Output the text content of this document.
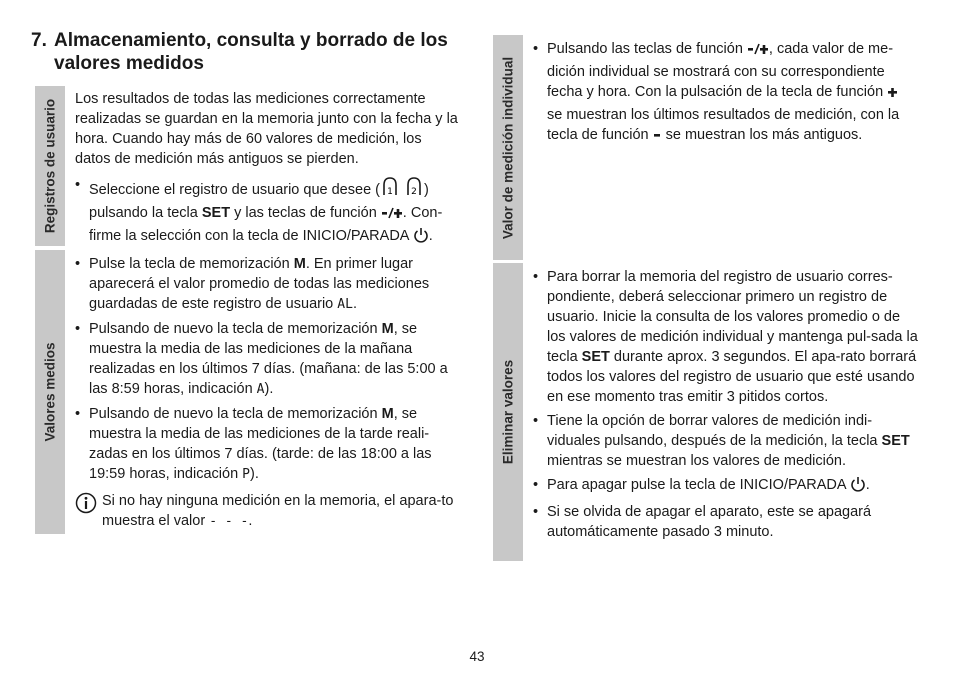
7. Almacenamiento, consulta y borrado de los
valores medidos
Registros de usuario
Valores medios
Valor de medición individual
Eliminar valores
Los resultados de todas las mediciones correctamente realizadas se guardan en la memoria junto con la fecha y la hora. Cuando hay más de 60 valores de medición, los datos de medición más antiguos se pierden.
• Seleccione el registro de usuario que desee ( 1
2 )
pulsando la tecla SET y las teclas de función . Con-
firme la selección con la tecla de INICIO/PARADA .
• Pulse la tecla de memorización M. En primer lugar aparecerá el valor promedio de todas las mediciones guardadas de este registro de usuario AL.
• Pulsando de nuevo la tecla de memorización M, se muestra la media de las mediciones de la mañana realizadas en los últimos 7 días. (mañana: de las 5:00 a las 8:59 horas, indicación A).
• Pulsando de nuevo la tecla de memorización M, se muestra la media de las mediciones de la tarde reali-zadas en los últimos 7 días. (tarde: de las 18:00 a las 19:59 horas, indicación P).
Si no hay ninguna medición en la memoria, el apara-to muestra el valor - - -.
• Pulsando las teclas de función , cada valor de me-dición individual se mostrará con su correspondiente fecha y hora. Con la pulsación de la tecla de función  se muestran los últimos resultados de medición, con la tecla de función  se muestran los más antiguos.
• Para borrar la memoria del registro de usuario corres-pondiente, deberá seleccionar primero un registro de usuario. Inicie la consulta de los valores promedio o de los valores de medición individual y mantenga pul-sada la tecla SET durante aprox. 3 segundos. El apa-rato borrará todos los valores del registro de usuario que esté usando en ese momento tras emitir 3 pitidos cortos.
• Tiene la opción de borrar valores de medición indi-viduales pulsando, después de la medición, la tecla SET mientras se muestran los valores de medición.
• Para apagar pulse la tecla de INICIO/PARADA .
• Si se olvida de apagar el aparato, este se apagará automáticamente pasado 3 minuto.
43
